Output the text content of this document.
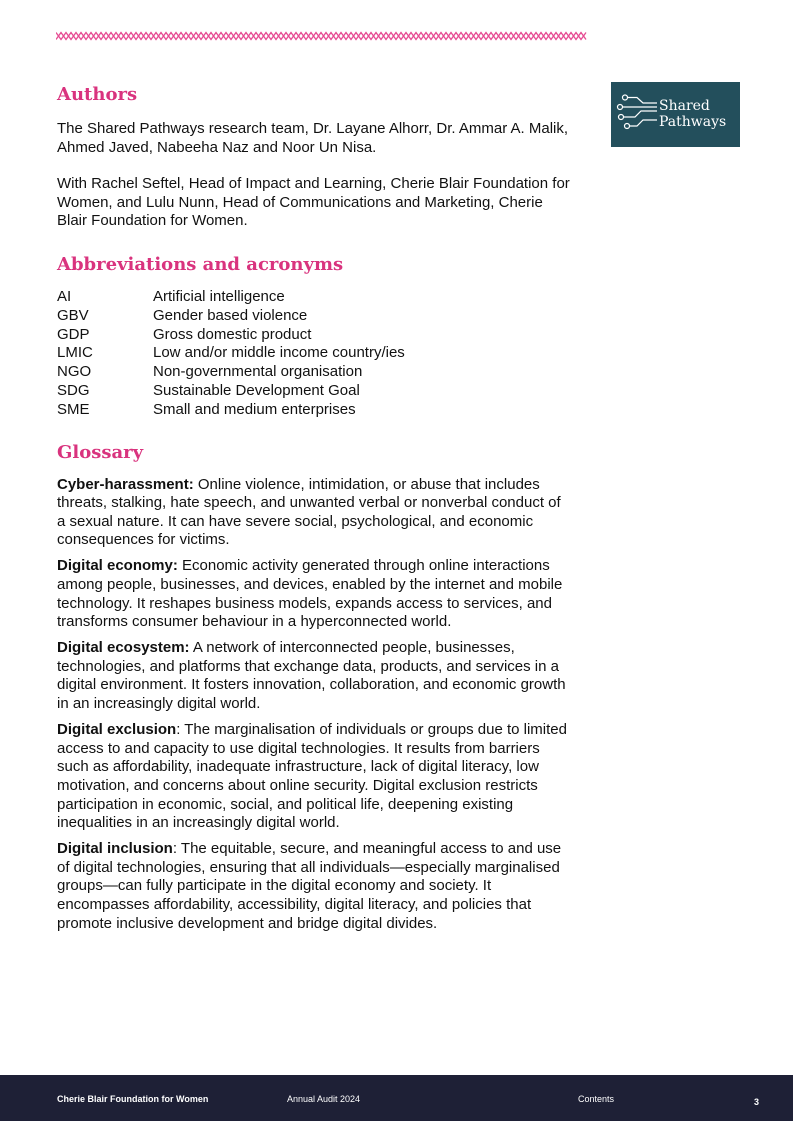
Shared
Pathways
Authors

The Shared Pathways research team, Dr. Layane Alhorr, Dr. Ammar A. Malik, Ahmed Javed, Nabeeha Naz and Noor Un Nisa.

With Rachel Seftel, Head of Impact and Learning, Cherie Blair Foundation for Women, and Lulu Nunn, Head of Communications and Marketing, Cherie Blair Foundation for Women.

Abbreviations and acronyms
AI	Artificial intelligence
GBV	Gender based violence
GDP	Gross domestic product
LMIC	Low and/or middle income country/ies
NGO	Non-governmental organisation
SDG	Sustainable Development Goal
SME	Small and medium enterprises
Glossary

Cyber-harassment: Online violence, intimidation, or abuse that includes threats, stalking, hate speech, and unwanted verbal or nonverbal conduct of a sexual nature. It can have severe social, psychological, and economic consequences for victims.

Digital economy: Economic activity generated through online interactions among people, businesses, and devices, enabled by the internet and mobile technology. It reshapes business models, expands access to services, and transforms consumer behaviour in a hyperconnected world.

Digital ecosystem: A network of interconnected people, businesses, technologies, and platforms that exchange data, products, and services in a digital environment. It fosters innovation, collaboration, and economic growth in an increasingly digital world.

Digital exclusion: The marginalisation of individuals or groups due to limited access to and capacity to use digital technologies. It results from barriers such as affordability, inadequate infrastructure, lack of digital literacy, low motivation, and concerns about online security. Digital exclusion restricts participation in economic, social, and political life, deepening existing inequalities in an increasingly digital world.

Digital inclusion: The equitable, secure, and meaningful access to and use of digital technologies, ensuring that all individuals—especially marginalised groups—can fully participate in the digital economy and society. It encompasses affordability, accessibility, digital literacy, and policies that promote inclusive development and bridge digital divides.

Cherie Blair Foundation for Women	Annual Audit 2024	Contents	3
